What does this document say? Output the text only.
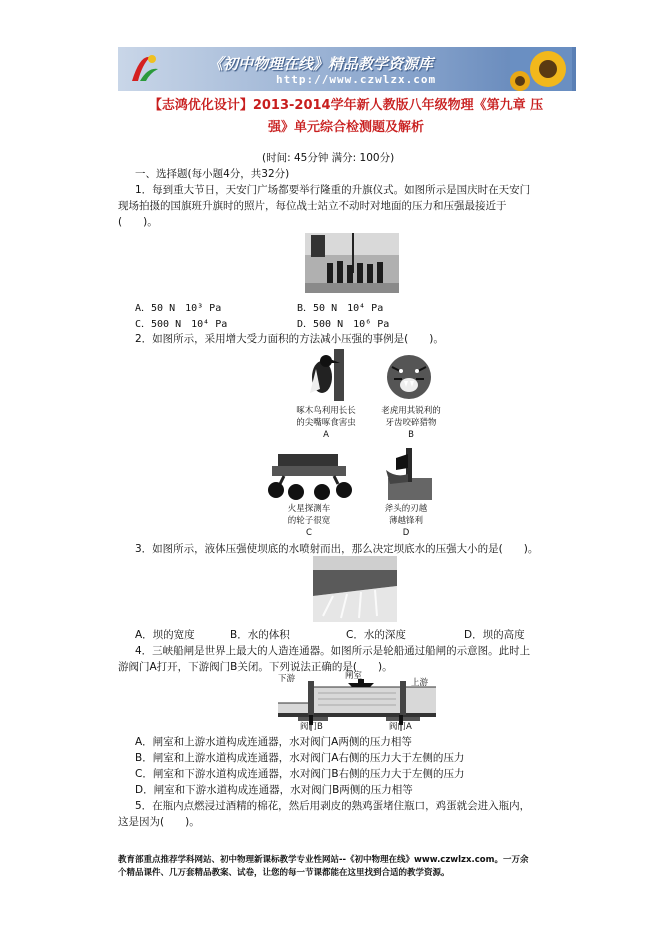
《初中物理在线》精品教学资源库
http://www.czwlzx.com
【志鸿优化设计】2013-2014学年新人教版八年级物理《第九章 压
强》单元综合检测题及解析
(时间: 45分钟 满分: 100分)
一、选择题(每小题4分，共32分)
1．每到重大节日，天安门广场都要举行隆重的升旗仪式。如图所示是国庆时在天安门
现场拍摄的国旗班升旗时的照片，每位战士站立不动时对地面的压力和压强最接近于
(　　)。
A．50 N　10³ Pa	B．50 N　10⁴ Pa
C．500 N　10⁴ Pa	D．500 N　10⁶ Pa
2．如图所示，采用增大受力面积的方法减小压强的事例是(　　)。
啄木鸟利用长长
的尖嘴啄食害虫
A
老虎用其锐利的
牙齿咬碎猎物
B
火星探测车
的轮子很宽
C
斧头的刃越
薄越锋利
D
3．如图所示，液体压强使坝底的水喷射而出，那么决定坝底水的压强大小的是(　　)。
A．坝的宽度	B．水的体积	C．水的深度	D．坝的高度
4．三峡船闸是世界上最大的人造连通器。如图所示是轮船通过船闸的示意图。此时上
游阀门A打开，下游阀门B关闭。下列说法正确的是(　　)。
下游	闸室
上游
阀门B	阀门A
A．闸室和上游水道构成连通器，水对阀门A两侧的压力相等
B．闸室和上游水道构成连通器，水对阀门A右侧的压力大于左侧的压力
C．闸室和下游水道构成连通器，水对阀门B右侧的压力大于左侧的压力
D．闸室和下游水道构成连通器，水对阀门B两侧的压力相等
5．在瓶内点燃浸过酒精的棉花，然后用剥皮的熟鸡蛋堵住瓶口，鸡蛋就会进入瓶内，
这是因为(　　)。
教育部重点推荐学科网站、初中物理新课标教学专业性网站--《初中物理在线》www.czwlzx.com。一万余
个精品课件、几万套精品教案、试卷，让您的每一节课都能在这里找到合适的教学资源。
